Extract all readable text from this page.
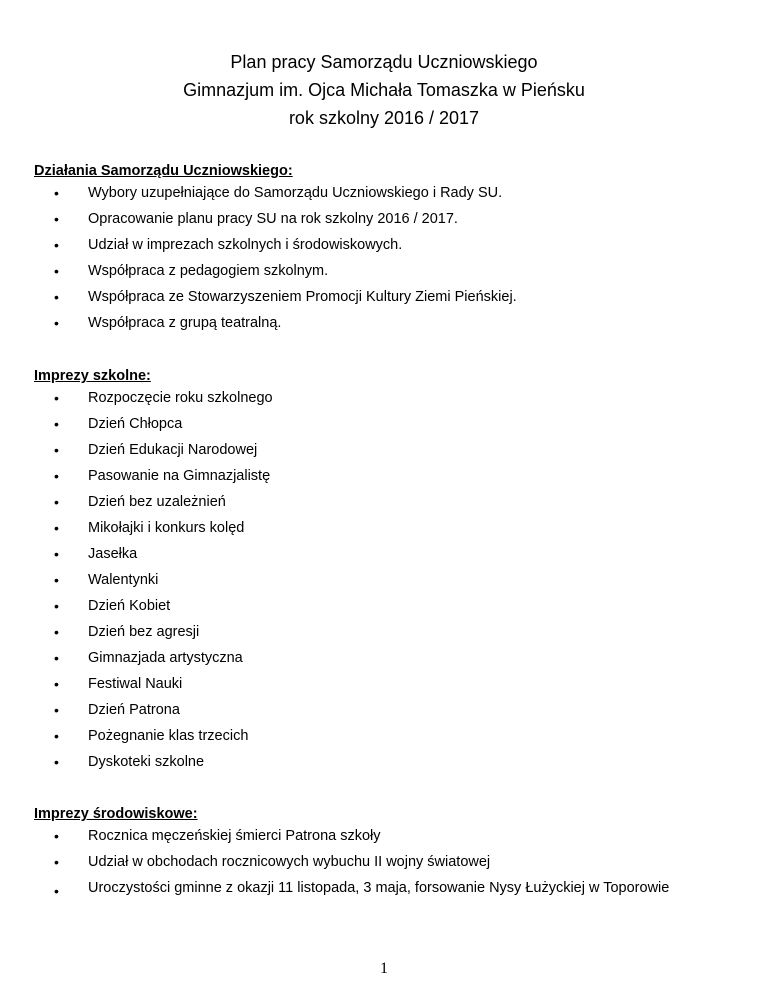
Plan pracy Samorządu Uczniowskiego
Gimnazjum im. Ojca Michała Tomaszka w Pieńsku
rok szkolny 2016 / 2017
Działania Samorządu Uczniowskiego:
• Wybory uzupełniające do Samorządu Uczniowskiego i Rady SU.
• Opracowanie planu pracy SU na rok szkolny 2016 / 2017.
• Udział w imprezach szkolnych i środowiskowych.
• Współpraca z pedagogiem szkolnym.
• Współpraca ze Stowarzyszeniem Promocji Kultury Ziemi Pieńskiej.
• Współpraca z grupą teatralną.
Imprezy szkolne:
• Rozpoczęcie roku szkolnego
• Dzień Chłopca
• Dzień Edukacji Narodowej
• Pasowanie na Gimnazjalistę
• Dzień bez uzależnień
• Mikołajki i konkurs kolęd
• Jasełka
• Walentynki
• Dzień Kobiet
• Dzień bez agresji
• Gimnazjada artystyczna
• Festiwal Nauki
• Dzień Patrona
• Pożegnanie klas trzecich
• Dyskoteki szkolne
Imprezy środowiskowe:
• Rocznica męczeńskiej śmierci Patrona szkoły
• Udział w obchodach rocznicowych wybuchu II wojny światowej
• Uroczystości gminne z okazji 11 listopada, 3 maja, forsowanie Nysy Łużyckiej w Toporowie
1
